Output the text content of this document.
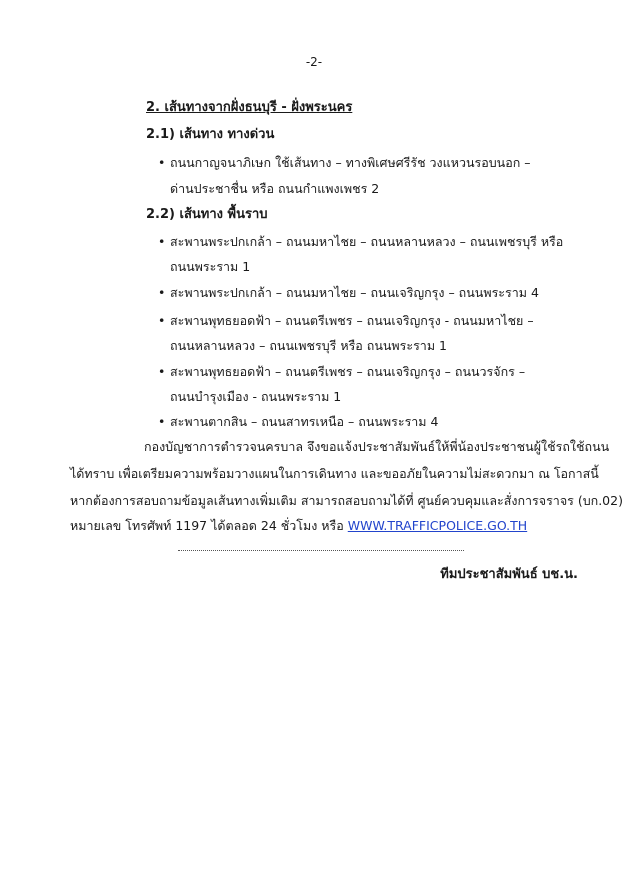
-2-
2. เส้นทางจากฝั่งธนบุรี - ฝั่งพระนคร
2.1) เส้นทาง ทางด่วน
• ถนนกาญจนาภิเษก ใช้เส้นทาง – ทางพิเศษศรีรัช วงแหวนรอบนอก –
ด่านประชาชื่น หรือ ถนนกำแพงเพชร 2
2.2) เส้นทาง พื้นราบ
• สะพานพระปกเกล้า – ถนนมหาไชย – ถนนหลานหลวง – ถนนเพชรบุรี หรือ
ถนนพระราม 1
• สะพานพระปกเกล้า – ถนนมหาไชย – ถนนเจริญกรุง – ถนนพระราม 4
• สะพานพุทธยอดฟ้า – ถนนตรีเพชร – ถนนเจริญกรุง - ถนนมหาไชย –
ถนนหลานหลวง – ถนนเพชรบุรี หรือ ถนนพระราม 1
• สะพานพุทธยอดฟ้า – ถนนตรีเพชร – ถนนเจริญกรุง – ถนนวรจักร –
ถนนบำรุงเมือง - ถนนพระราม 1
• สะพานตากสิน – ถนนสาทรเหนือ – ถนนพระราม 4
กองบัญชาการตำรวจนครบาล จึงขอแจ้งประชาสัมพันธ์ให้พี่น้องประชาชนผู้ใช้รถใช้ถนน
ได้ทราบ เพื่อเตรียมความพร้อมวางแผนในการเดินทาง และขออภัยในความไม่สะดวกมา ณ โอกาสนี้
หากต้องการสอบถามข้อมูลเส้นทางเพิ่มเติม สามารถสอบถามได้ที่ ศูนย์ควบคุมและสั่งการจราจร (บก.02)
หมายเลข โทรศัพท์ 1197 ได้ตลอด 24 ชั่วโมง หรือ WWW.TRAFFICPOLICE.GO.TH
ทีมประชาสัมพันธ์ บช.น.
